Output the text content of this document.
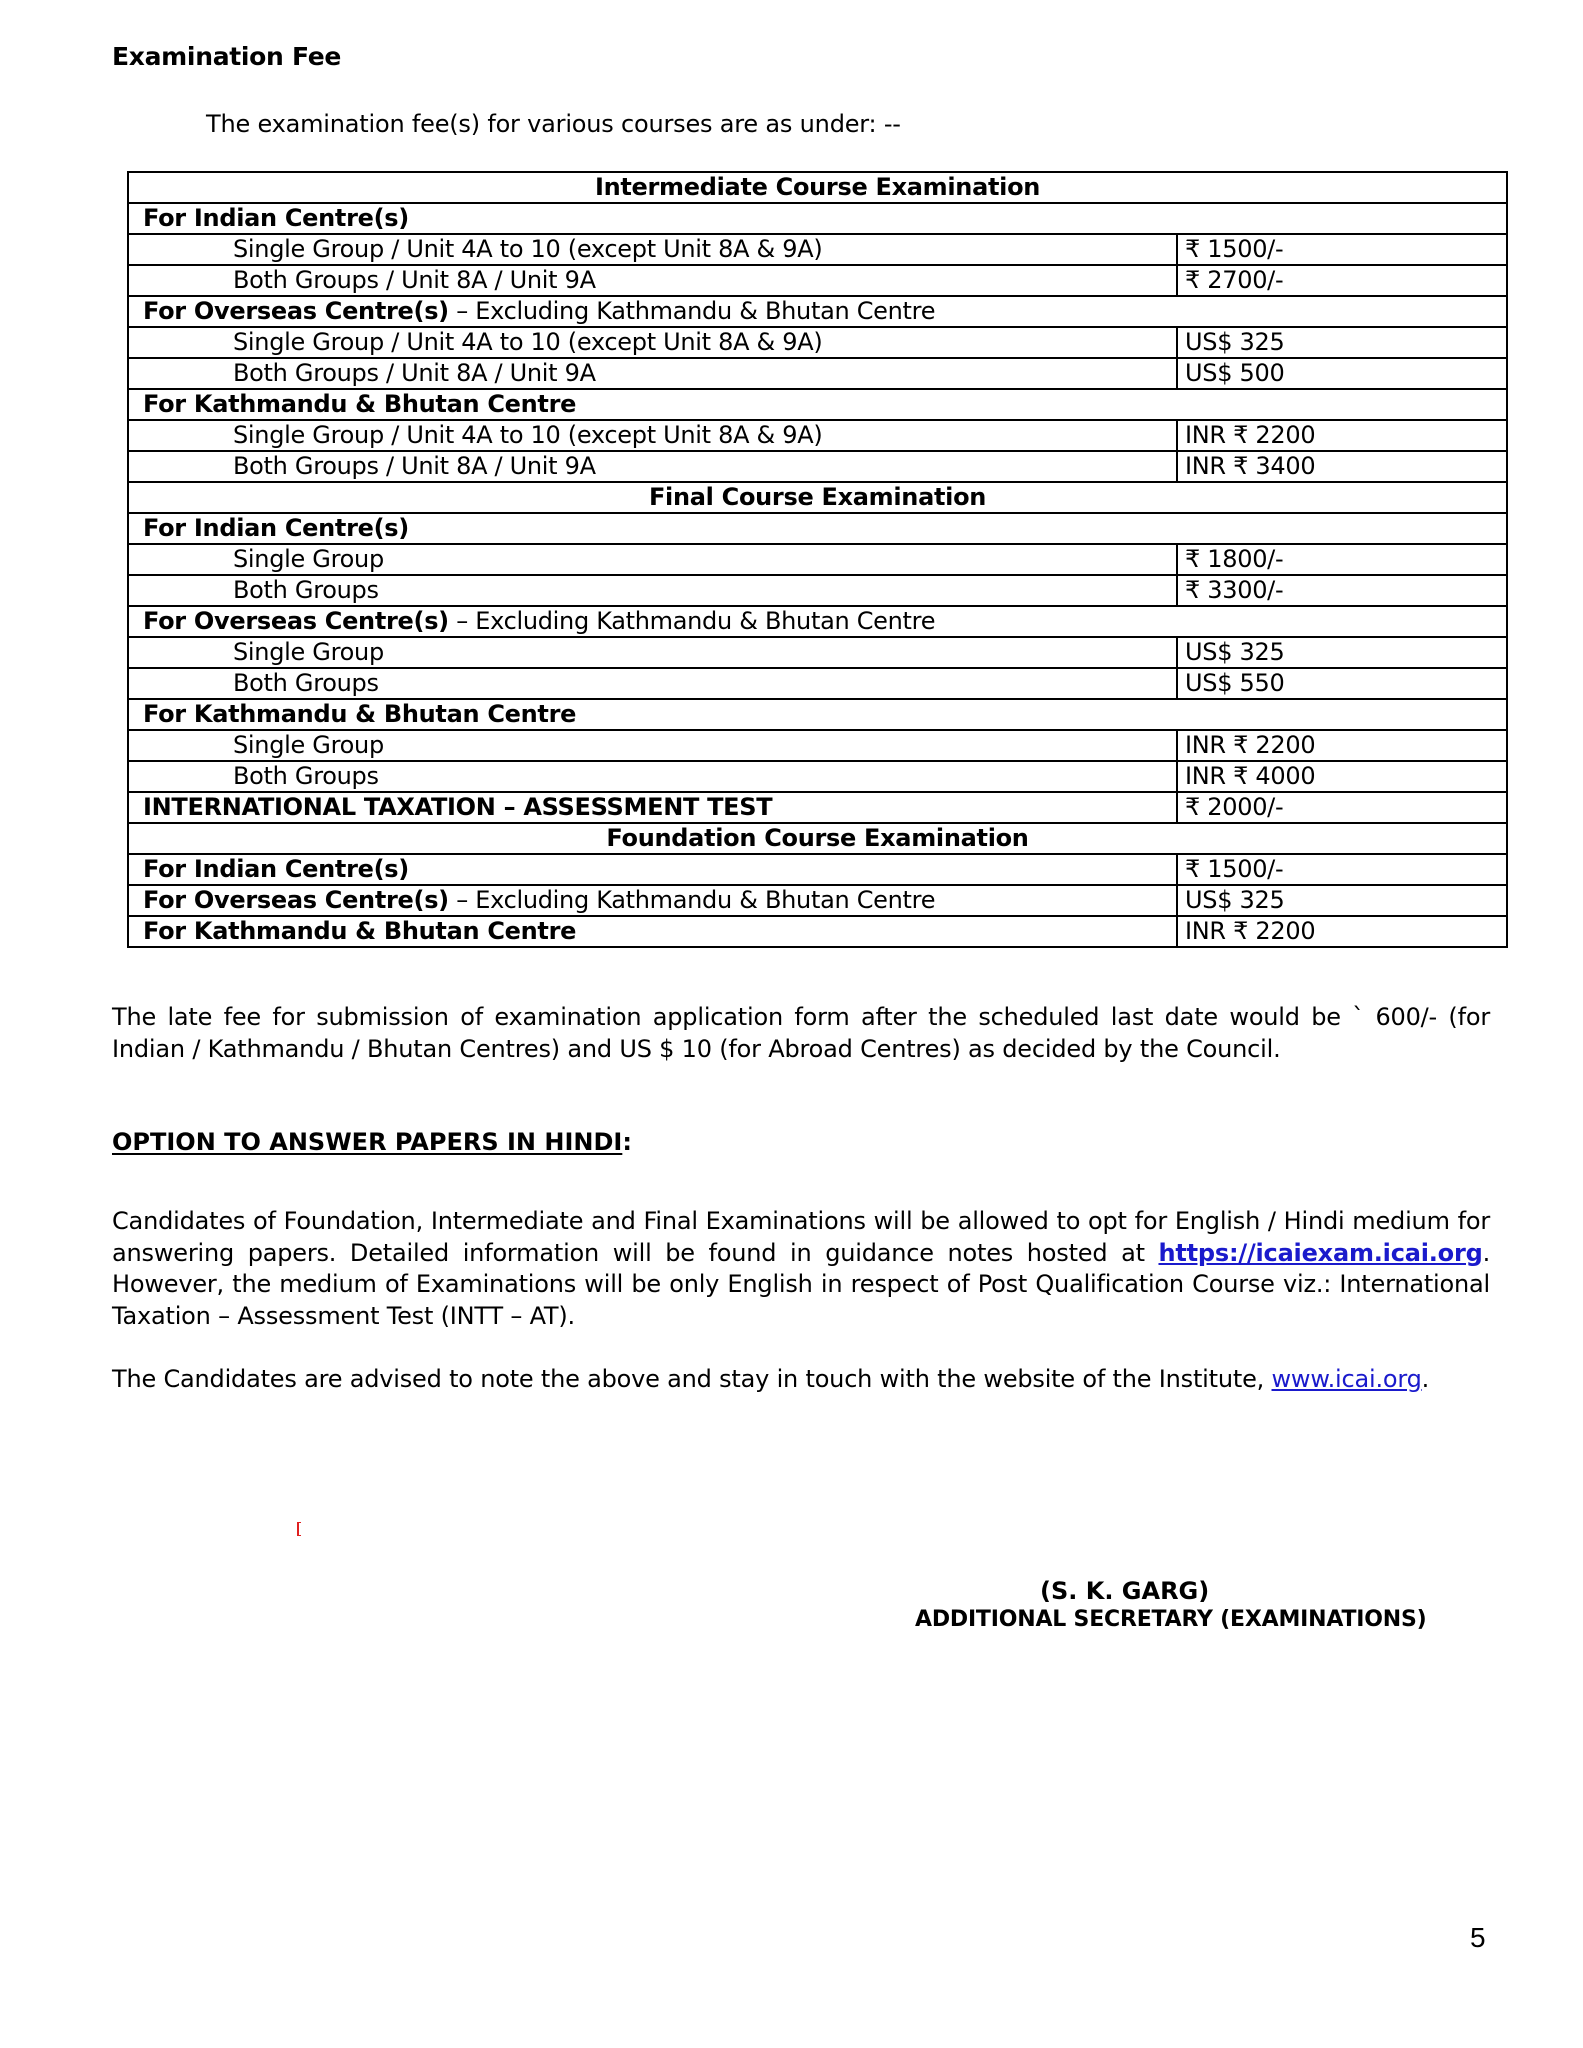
Examination Fee
The examination fee(s) for various courses are as under: --
Intermediate Course Examination	
For Indian Centre(s)	
Single Group / Unit 4A to 10 (except Unit 8A & 9A)	₹ 1500/-
Both Groups / Unit 8A / Unit 9A	₹ 2700/-
For Overseas Centre(s) – Excluding Kathmandu & Bhutan Centre	
Single Group / Unit 4A to 10 (except Unit 8A & 9A)	US$ 325
Both Groups / Unit 8A / Unit 9A	US$ 500
For Kathmandu & Bhutan Centre	
Single Group / Unit 4A to 10 (except Unit 8A & 9A)	INR ₹ 2200
Both Groups / Unit 8A / Unit 9A	INR ₹ 3400
Final Course Examination	
For Indian Centre(s)	
Single Group	₹ 1800/-
Both Groups	₹ 3300/-
For Overseas Centre(s) – Excluding Kathmandu & Bhutan Centre	
Single Group	US$ 325
Both Groups	US$ 550
For Kathmandu & Bhutan Centre	
Single Group	INR ₹ 2200
Both Groups	INR ₹ 4000
INTERNATIONAL TAXATION – ASSESSMENT TEST	₹ 2000/-
Foundation Course Examination	
For Indian Centre(s)	₹ 1500/-
For Overseas Centre(s) – Excluding Kathmandu & Bhutan Centre	US$ 325
For Kathmandu & Bhutan Centre	INR ₹ 2200
The late fee for submission of examination application form after the scheduled last date would be ` 600/- (for Indian / Kathmandu / Bhutan Centres) and US $ 10 (for Abroad Centres) as decided by the Council.
OPTION TO ANSWER PAPERS IN HINDI:
Candidates of Foundation, Intermediate and Final Examinations will be allowed to opt for English / Hindi medium for answering papers. Detailed information will be found in guidance notes hosted at https://icaiexam.icai.org. However, the medium of Examinations will be only English in respect of Post Qualification Course viz.: International Taxation – Assessment Test (INTT – AT).
The Candidates are advised to note the above and stay in touch with the website of the Institute, www.icai.org.
(S. K. GARG)
ADDITIONAL SECRETARY (EXAMINATIONS)
5
